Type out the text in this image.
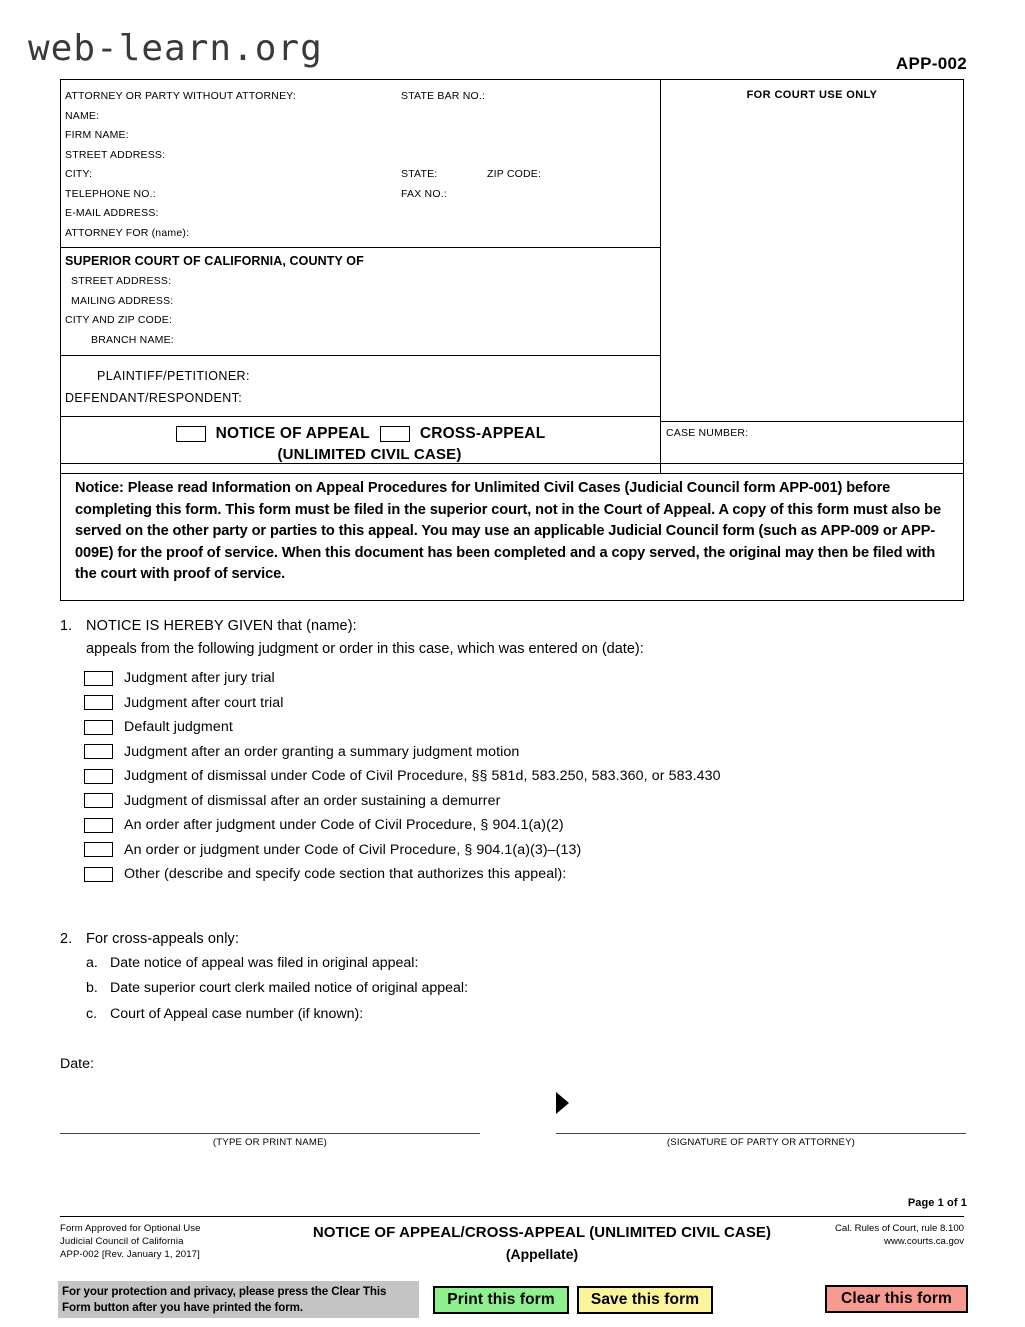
web-learn.org	APP-002
ATTORNEY OR PARTY WITHOUT ATTORNEY:	STATE BAR NO.:
NAME:
FIRM NAME:
STREET ADDRESS:
CITY:	STATE:	ZIP CODE:
TELEPHONE NO.:	FAX NO.:
E-MAIL ADDRESS:
ATTORNEY FOR (name):
SUPERIOR COURT OF CALIFORNIA, COUNTY OF
STREET ADDRESS:
MAILING ADDRESS:
CITY AND ZIP CODE:
BRANCH NAME:
PLAINTIFF/PETITIONER:
DEFENDANT/RESPONDENT:
NOTICE OF APPEAL	CROSS-APPEAL
(UNLIMITED CIVIL CASE)
FOR COURT USE ONLY
CASE NUMBER:

Notice: Please read Information on Appeal Procedures for Unlimited Civil Cases (Judicial Council form APP-001) before completing this form. This form must be filed in the superior court, not in the Court of Appeal. A copy of this form must also be served on the other party or parties to this appeal. You may use an applicable Judicial Council form (such as APP-009 or APP-009E) for the proof of service. When this document has been completed and a copy served, the original may then be filed with the court with proof of service.

1. NOTICE IS HEREBY GIVEN that (name):
appeals from the following judgment or order in this case, which was entered on (date):
Judgment after jury trial
Judgment after court trial
Default judgment
Judgment after an order granting a summary judgment motion
Judgment of dismissal under Code of Civil Procedure, §§ 581d, 583.250, 583.360, or 583.430
Judgment of dismissal after an order sustaining a demurrer
An order after judgment under Code of Civil Procedure, § 904.1(a)(2)
An order or judgment under Code of Civil Procedure, § 904.1(a)(3)–(13)
Other (describe and specify code section that authorizes this appeal):
2. For cross-appeals only:
a. Date notice of appeal was filed in original appeal:
b. Date superior court clerk mailed notice of original appeal:
c. Court of Appeal case number (if known):
Date:
(TYPE OR PRINT NAME)	(SIGNATURE OF PARTY OR ATTORNEY)
Page 1 of 1
Form Approved for Optional Use
Judicial Council of California
APP-002 [Rev. January 1, 2017]
NOTICE OF APPEAL/CROSS-APPEAL (UNLIMITED CIVIL CASE)
(Appellate)
Cal. Rules of Court, rule 8.100
www.courts.ca.gov
For your protection and privacy, please press the Clear This Form button after you have printed the form.	Print this form	Save this form	Clear this form
